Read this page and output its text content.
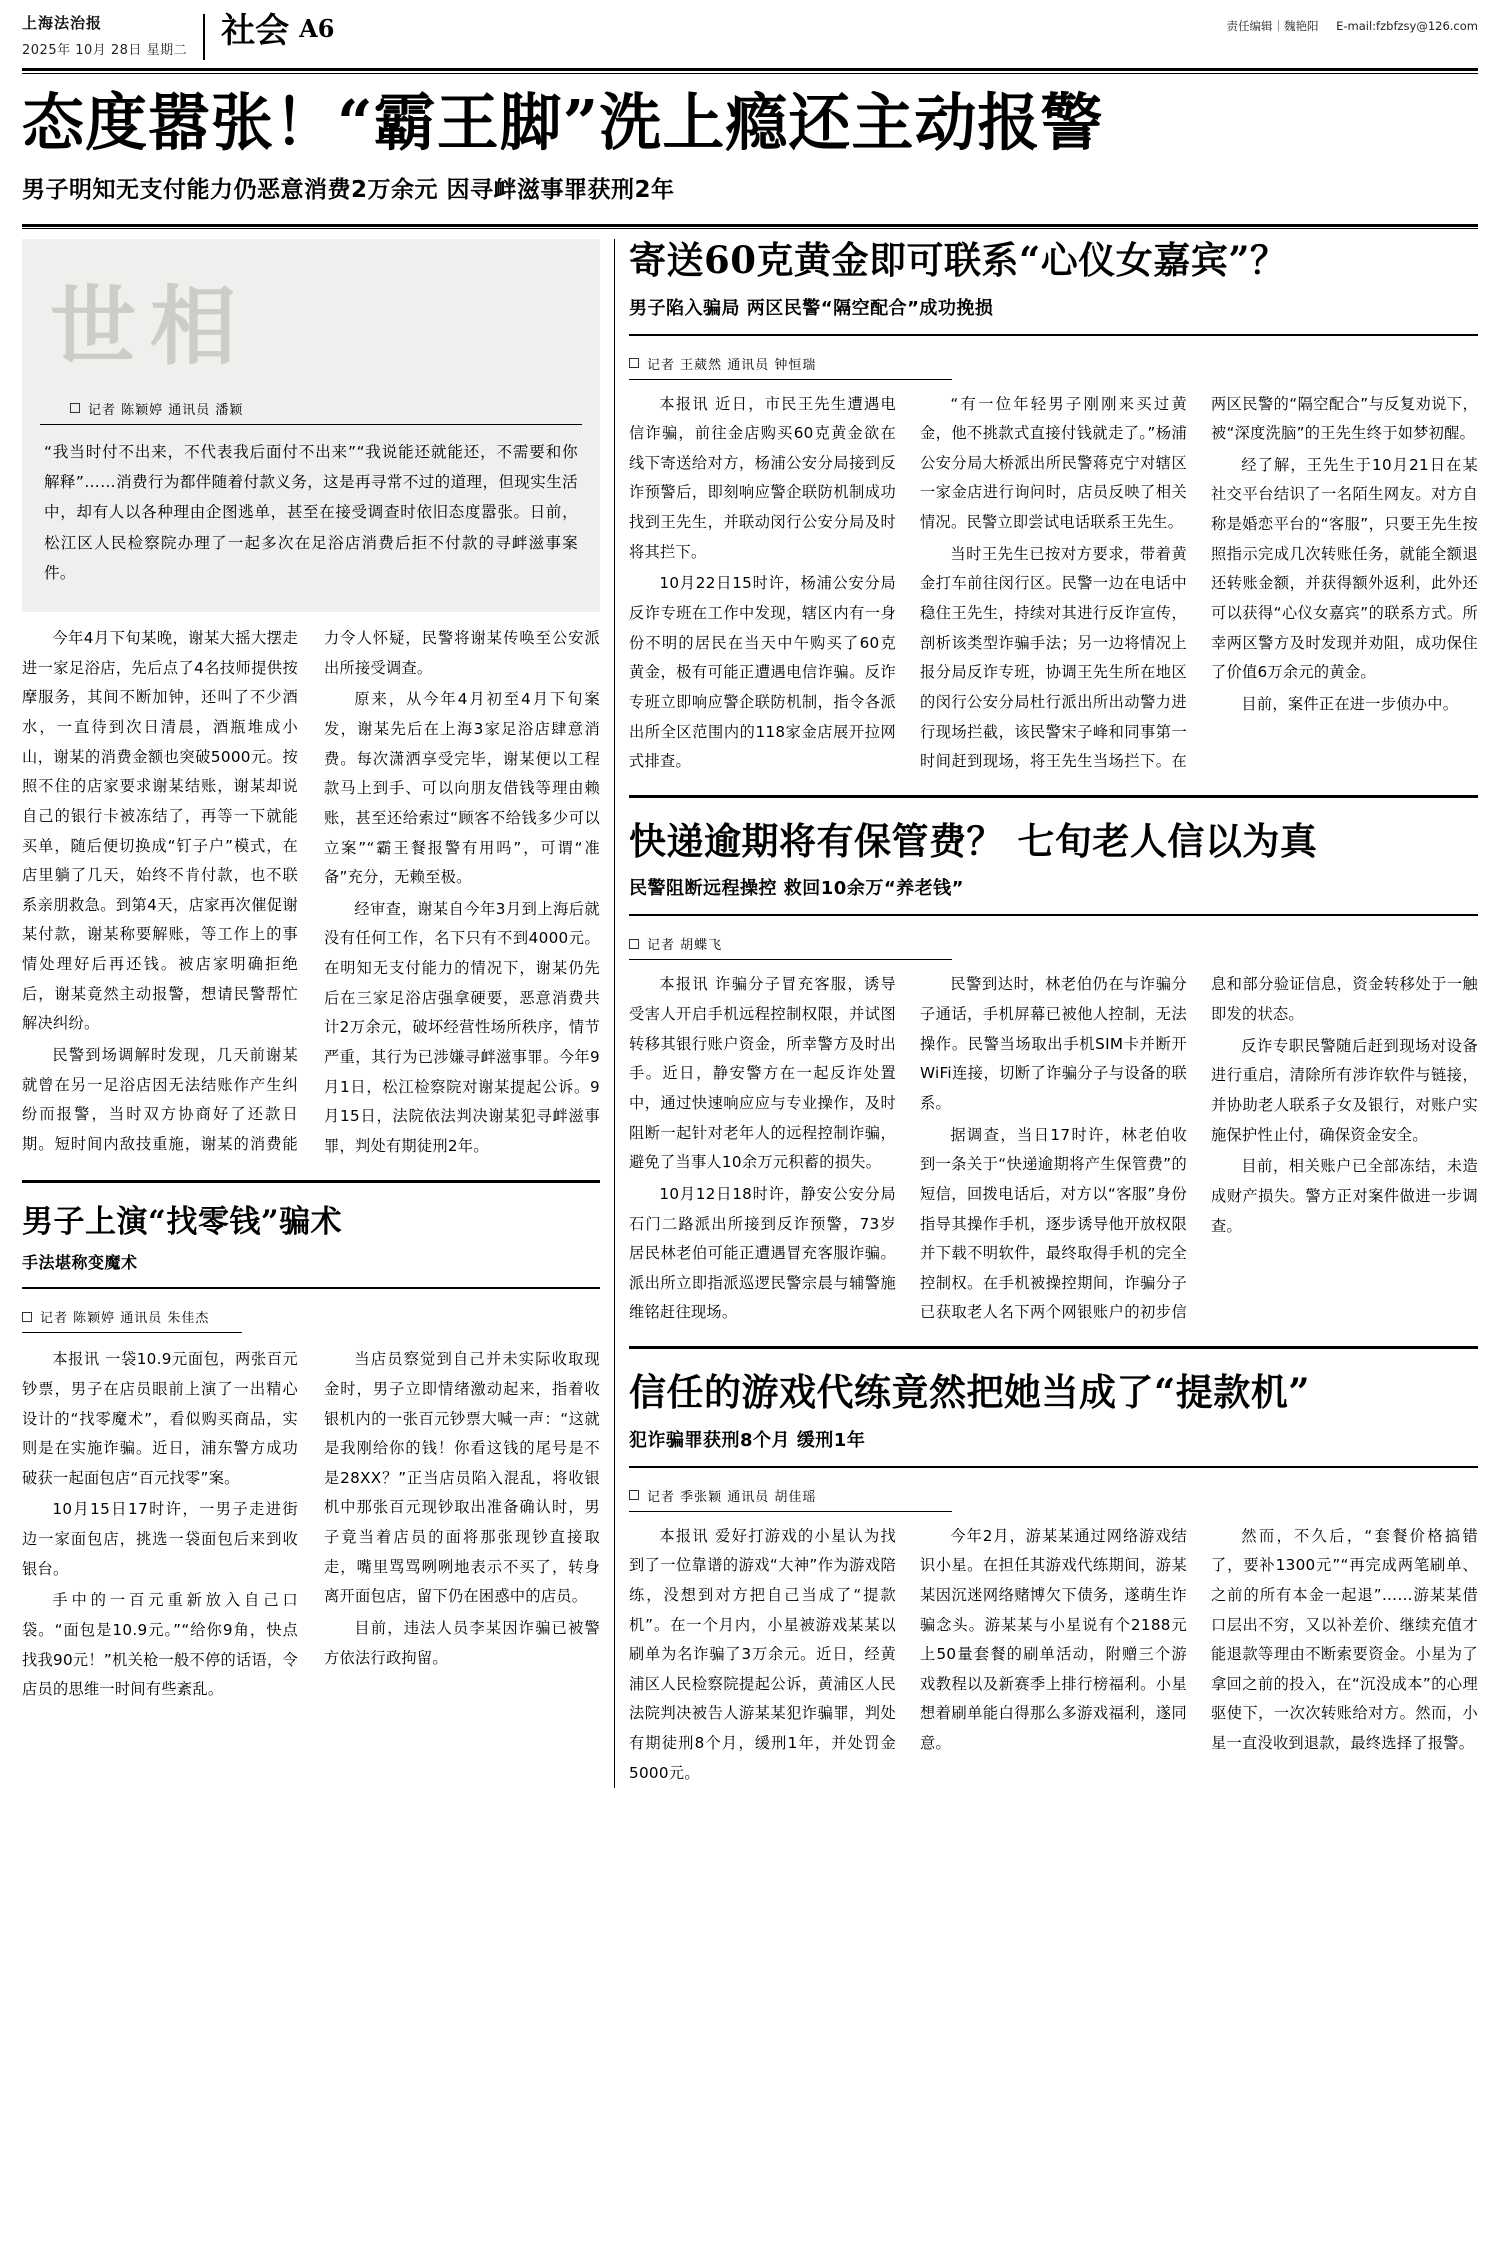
上海法治报
2025年 10月 28日 星期二 社会 A6	责任编辑｜魏艳阳 E-mail:fzbfzsy@126.com
态度嚣张！“霸王脚”洗上瘾还主动报警
男子明知无支付能力仍恶意消费2万余元 因寻衅滋事罪获刑2年
世相
记者 陈颖婷 通讯员 潘颖
“我当时付不出来，不代表我后面付不出来”“我说能还就能还，不需要和你解释”……消费行为都伴随着付款义务，这是再寻常不过的道理，但现实生活中，却有人以各种理由企图逃单，甚至在接受调查时依旧态度嚣张。日前，松江区人民检察院办理了一起多次在足浴店消费后拒不付款的寻衅滋事案件。

今年4月下旬某晚，谢某大摇大摆走进一家足浴店，先后点了4名技师提供按摩服务，其间不断加钟，还叫了不少酒水，一直待到次日清晨，酒瓶堆成小山，谢某的消费金额也突破5000元。按照不住的店家要求谢某结账，谢某却说自己的银行卡被冻结了，再等一下就能买单，随后便切换成“钉子户”模式，在店里躺了几天，始终不肯付款，也不联系亲朋救急。到第4天，店家再次催促谢某付款，谢某称要解账，等工作上的事情处理好后再还钱。被店家明确拒绝后，谢某竟然主动报警，想请民警帮忙解决纠纷。

民警到场调解时发现，几天前谢某就曾在另一足浴店因无法结账作产生纠纷而报警，当时双方协商好了还款日期。短时间内敌技重施，谢某的消费能力令人怀疑，民警将谢某传唤至公安派出所接受调查。

原来，从今年4月初至4月下旬案发，谢某先后在上海3家足浴店肆意消费。每次潇洒享受完毕，谢某便以工程款马上到手、可以向朋友借钱等理由赖账，甚至还给索过“顾客不给钱多少可以立案”“霸王餐报警有用吗”，可谓“准备”充分，无赖至极。

经审查，谢某自今年3月到上海后就没有任何工作，名下只有不到4000元。在明知无支付能力的情况下，谢某仍先后在三家足浴店强拿硬要，恶意消费共计2万余元，破坏经营性场所秩序，情节严重，其行为已涉嫌寻衅滋事罪。今年9月1日，松江检察院对谢某提起公诉。9月15日，法院依法判决谢某犯寻衅滋事罪，判处有期徒刑2年。

男子上演“找零钱”骗术
手法堪称变魔术
记者 陈颖婷 通讯员 朱佳杰

本报讯 一袋10.9元面包，两张百元钞票，男子在店员眼前上演了一出精心设计的“找零魔术”，看似购买商品，实则是在实施诈骗。近日，浦东警方成功破获一起面包店“百元找零”案。

10月15日17时许，一男子走进街边一家面包店，挑选一袋面包后来到收银台。

手中的一百元重新放入自己口袋。“面包是10.9元。”“给你9角，快点找我90元！”机关枪一般不停的话语，令店员的思维一时间有些紊乱。

当店员察觉到自己并未实际收取现金时，男子立即情绪激动起来，指着收银机内的一张百元钞票大喊一声：“这就是我刚给你的钱！你看这钱的尾号是不是28XX？”正当店员陷入混乱，将收银机中那张百元现钞取出准备确认时，男子竟当着店员的面将那张现钞直接取走，嘴里骂骂咧咧地表示不买了，转身离开面包店，留下仍在困惑中的店员。

目前，违法人员李某因诈骗已被警方依法行政拘留。

寄送60克黄金即可联系“心仪女嘉宾”？
男子陷入骗局 两区民警“隔空配合”成功挽损
记者 王葳然 通讯员 钟恒瑞

本报讯 近日，市民王先生遭遇电信诈骗，前往金店购买60克黄金欲在线下寄送给对方，杨浦公安分局接到反诈预警后，即刻响应警企联防机制成功找到王先生，并联动闵行公安分局及时将其拦下。

10月22日15时许，杨浦公安分局反诈专班在工作中发现，辖区内有一身份不明的居民在当天中午购买了60克黄金，极有可能正遭遇电信诈骗。反诈专班立即响应警企联防机制，指令各派出所全区范围内的118家金店展开拉网式排查。

“有一位年轻男子刚刚来买过黄金，他不挑款式直接付钱就走了。”杨浦公安分局大桥派出所民警蒋克宁对辖区一家金店进行询问时，店员反映了相关情况。民警立即尝试电话联系王先生。

当时王先生已按对方要求，带着黄金打车前往闵行区。民警一边在电话中稳住王先生，持续对其进行反诈宣传，剖析该类型诈骗手法；另一边将情况上报分局反诈专班，协调王先生所在地区的闵行公安分局杜行派出所出动警力进行现场拦截，该民警宋子峰和同事第一时间赶到现场，将王先生当场拦下。在两区民警的“隔空配合”与反复劝说下，被“深度洗脑”的王先生终于如梦初醒。

经了解，王先生于10月21日在某社交平台结识了一名陌生网友。对方自称是婚恋平台的“客服”，只要王先生按照指示完成几次转账任务，就能全额退还转账金额，并获得额外返利，此外还可以获得“心仪女嘉宾”的联系方式。所幸两区警方及时发现并劝阻，成功保住了价值6万余元的黄金。

目前，案件正在进一步侦办中。

快递逾期将有保管费？ 七旬老人信以为真
民警阻断远程操控 救回10余万“养老钱”
记者 胡蝶飞

本报讯 诈骗分子冒充客服，诱导受害人开启手机远程控制权限，并试图转移其银行账户资金，所幸警方及时出手。近日，静安警方在一起反诈处置中，通过快速响应应与专业操作，及时阻断一起针对老年人的远程控制诈骗，避免了当事人10余万元积蓄的损失。

10月12日18时许，静安公安分局石门二路派出所接到反诈预警，73岁居民林老伯可能正遭遇冒充客服诈骗。派出所立即指派巡逻民警宗晨与辅警施维铭赶往现场。

民警到达时，林老伯仍在与诈骗分子通话，手机屏幕已被他人控制，无法操作。民警当场取出手机SIM卡并断开WiFi连接，切断了诈骗分子与设备的联系。

据调查，当日17时许，林老伯收到一条关于“快递逾期将产生保管费”的短信，回拨电话后，对方以“客服”身份指导其操作手机，逐步诱导他开放权限并下载不明软件，最终取得手机的完全控制权。在手机被操控期间，诈骗分子已获取老人名下两个网银账户的初步信息和部分验证信息，资金转移处于一触即发的状态。

反诈专职民警随后赶到现场对设备进行重启，清除所有涉诈软件与链接，并协助老人联系子女及银行，对账户实施保护性止付，确保资金安全。

目前，相关账户已全部冻结，未造成财产损失。警方正对案件做进一步调查。

信任的游戏代练竟然把她当成了“提款机”
犯诈骗罪获刑8个月 缓刑1年
记者 季张颖 通讯员 胡佳瑶

本报讯 爱好打游戏的小星认为找到了一位靠谱的游戏“大神”作为游戏陪练，没想到对方把自己当成了“提款机”。在一个月内，小星被游戏某某以刷单为名诈骗了3万余元。近日，经黄浦区人民检察院提起公诉，黄浦区人民法院判决被告人游某某犯诈骗罪，判处有期徒刑8个月，缓刑1年，并处罚金5000元。

今年2月，游某某通过网络游戏结识小星。在担任其游戏代练期间，游某某因沉迷网络赌博欠下债务，遂萌生诈骗念头。游某某与小星说有个2188元上50量套餐的刷单活动，附赠三个游戏教程以及新赛季上排行榜福利。小星想着刷单能白得那么多游戏福利，遂同意。

然而，不久后，“套餐价格搞错了，要补1300元”“再完成两笔刷单、之前的所有本金一起退”……游某某借口层出不穷，又以补差价、继续充值才能退款等理由不断索要资金。小星为了拿回之前的投入，在“沉没成本”的心理驱使下，一次次转账给对方。然而，小星一直没收到退款，最终选择了报警。
